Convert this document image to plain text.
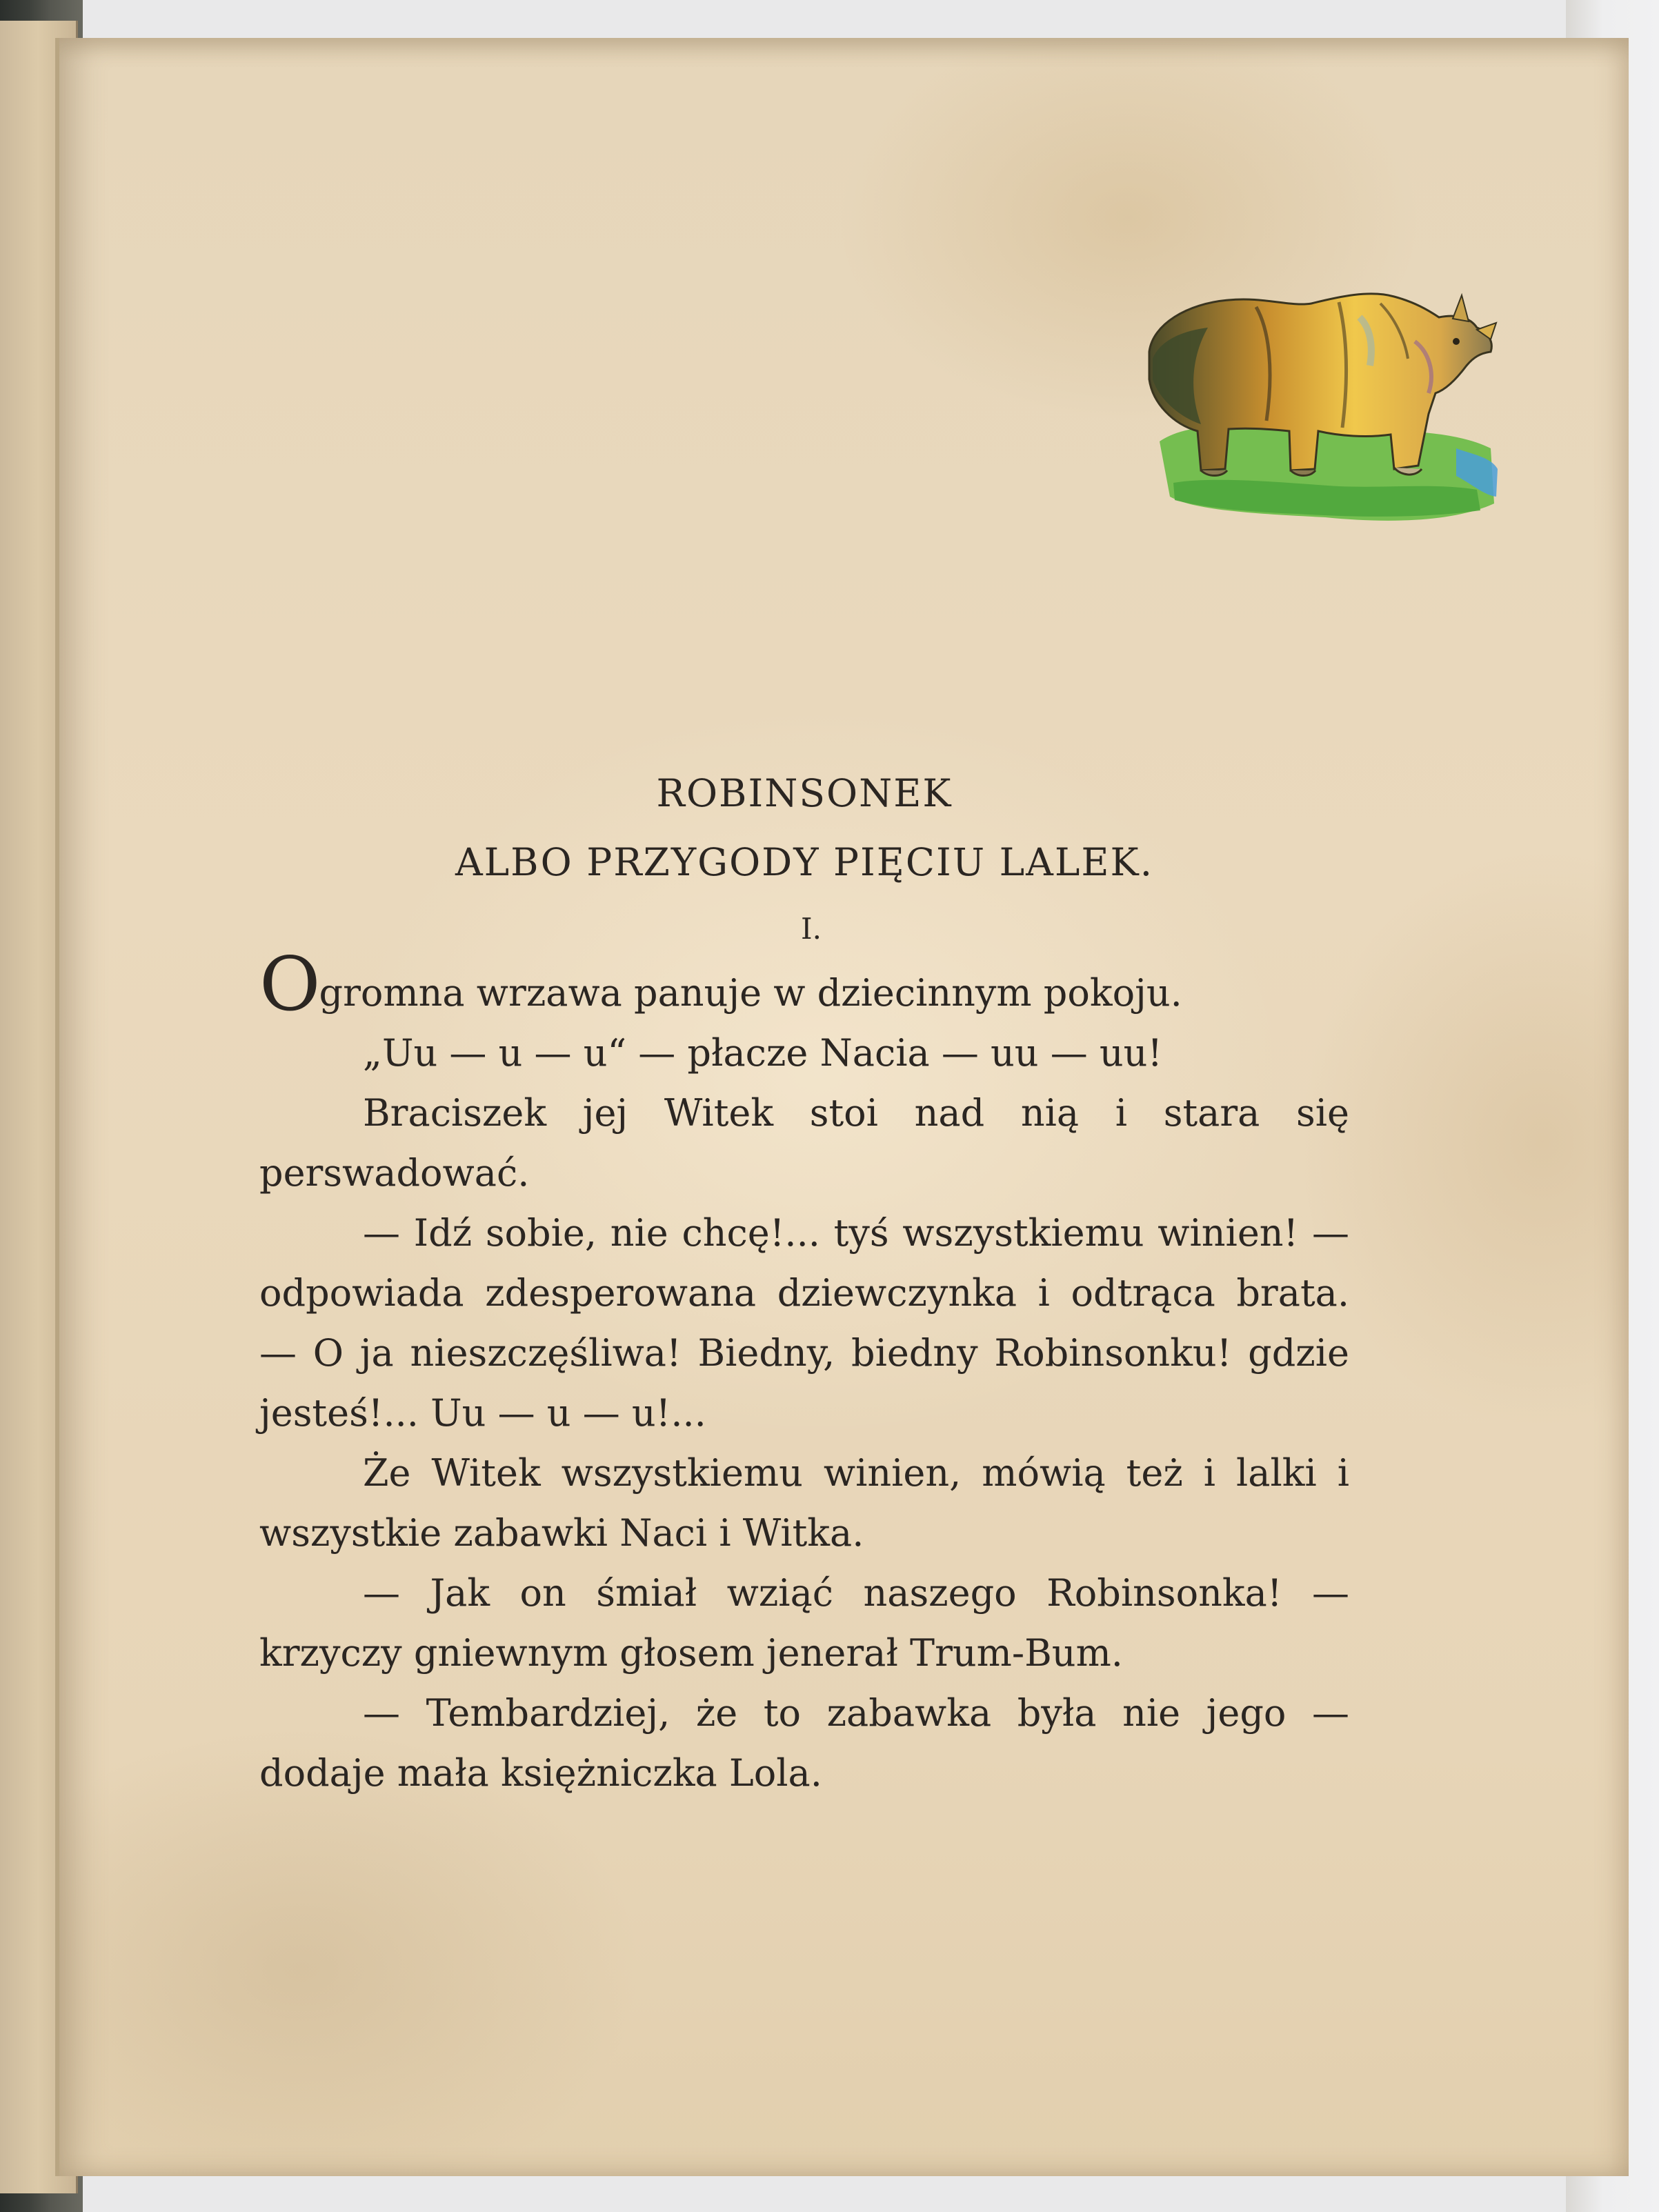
ROBINSONEK

ALBO PRZYGODY PIĘCIU LALEK.

I.

Ogromna wrzawa panuje w dziecinnym pokoju.

„Uu — u — u“ — płacze Nacia — uu — uu!

Braciszek jej Witek stoi nad nią i stara się perswadować.

— Idź sobie, nie chcę!... tyś wszystkiemu winien! — odpowiada zdesperowana dziewczynka i odtrąca brata. — O ja nieszczęśliwa! Biedny, biedny Robinsonku! gdzie jesteś!... Uu — u — u!...

Że Witek wszystkiemu winien, mówią też i lalki i wszystkie zabawki Naci i Witka.

— Jak on śmiał wziąć naszego Robinsonka! — krzyczy gniewnym głosem jenerał Trum-Bum.

— Tembardziej, że to zabawka była nie jego — dodaje mała księżniczka Lola.
